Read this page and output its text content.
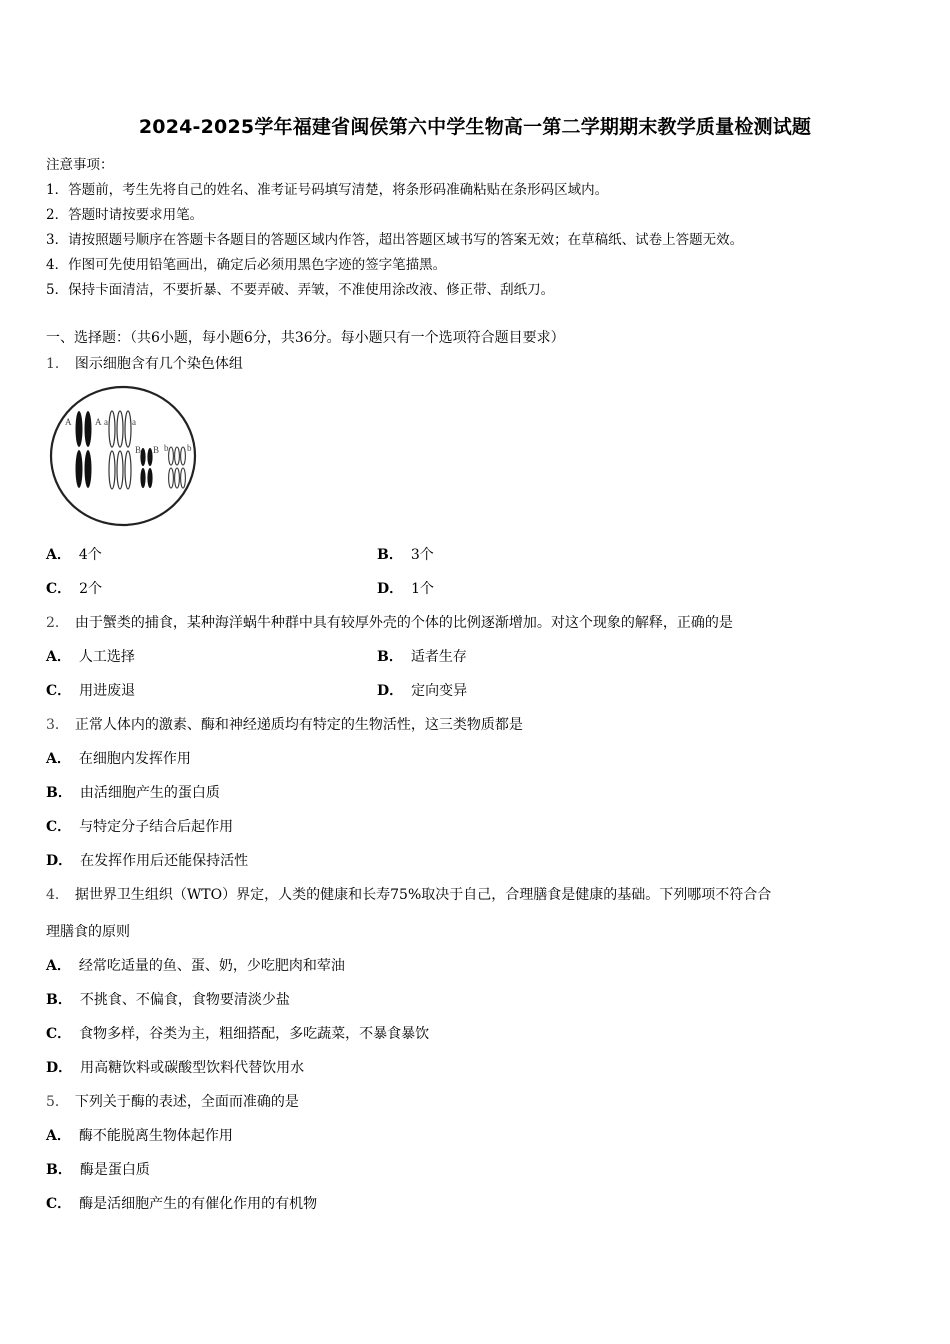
2024-2025学年福建省闽侯第六中学生物高一第二学期期末教学质量检测试题
注意事项：
1．答题前，考生先将自己的姓名、准考证号码填写清楚，将条形码准确粘贴在条形码区域内。
2．答题时请按要求用笔。
3．请按照题号顺序在答题卡各题目的答题区域内作答，超出答题区域书写的答案无效；在草稿纸、试卷上答题无效。
4．作图可先使用铅笔画出，确定后必须用黑色字迹的签字笔描黑。
5．保持卡面清洁，不要折暴、不要弄破、弄皱，不准使用涂改液、修正带、刮纸刀。
一、选择题：（共6小题，每小题6分，共36分。每小题只有一个选项符合题目要求）
1． 图示细胞含有几个染色体组
A	A a	a
B B b b
A． 4个	B． 3个
C． 2个	D． 1个
2． 由于蟹类的捕食，某种海洋蜗牛种群中具有较厚外壳的个体的比例逐渐增加。对这个现象的解释，正确的是
A． 人工选择	B． 适者生存
C． 用进废退	D． 定向变异
3． 正常人体内的激素、酶和神经递质均有特定的生物活性，这三类物质都是
A． 在细胞内发挥作用
B． 由活细胞产生的蛋白质
C． 与特定分子结合后起作用
D． 在发挥作用后还能保持活性
4． 据世界卫生组织（WTO）界定，人类的健康和长寿75%取决于自己，合理膳食是健康的基础。下列哪项不符合合
理膳食的原则
A． 经常吃适量的鱼、蛋、奶，少吃肥肉和荤油
B． 不挑食、不偏食，食物要清淡少盐
C． 食物多样，谷类为主，粗细搭配，多吃蔬菜，不暴食暴饮
D． 用高糖饮料或碳酸型饮料代替饮用水
5． 下列关于酶的表述，全面而准确的是
A． 酶不能脱离生物体起作用
B． 酶是蛋白质
C． 酶是活细胞产生的有催化作用的有机物
